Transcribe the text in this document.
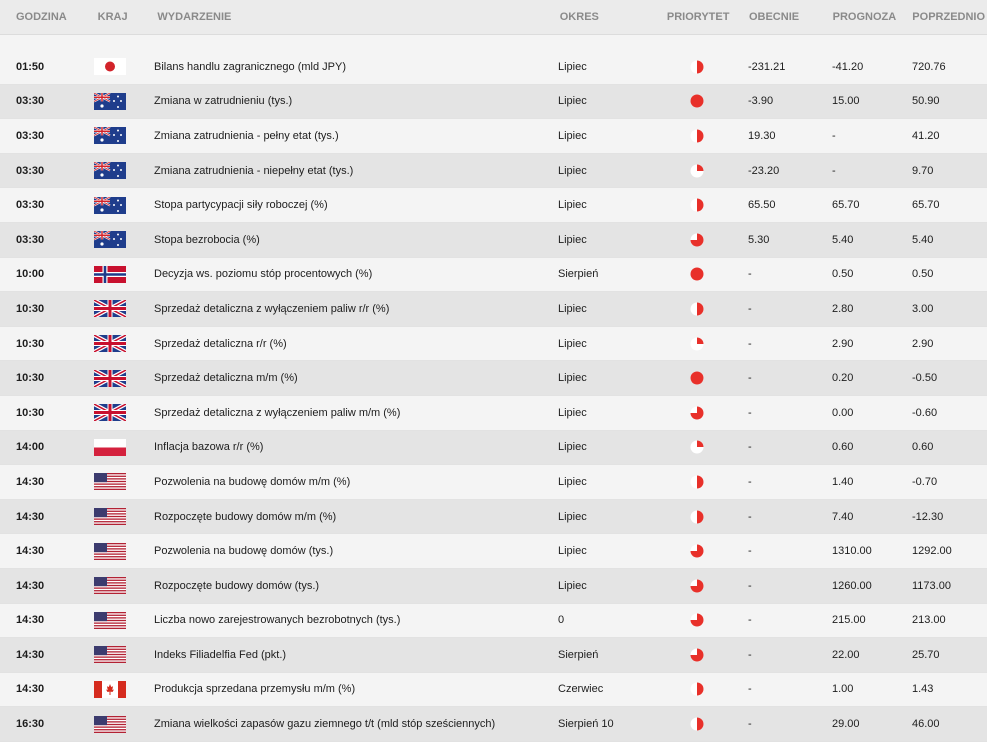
GODZINA	KRAJ	WYDARZENIE	OKRES	PRIORYTET	OBECNIE	PROGNOZA	POPRZEDNIO
01:50	Bilans handlu zagranicznego (mld JPY)	Lipiec	-231.21	-41.20	720.76
03:30	Zmiana w zatrudnieniu (tys.)	Lipiec	-3.90	15.00	50.90
03:30	Zmiana zatrudnienia - pełny etat (tys.)	Lipiec	19.30	-	41.20
03:30	Zmiana zatrudnienia - niepełny etat (tys.)	Lipiec	-23.20	-	9.70
03:30	Stopa partycypacji siły roboczej (%)	Lipiec	65.50	65.70	65.70
03:30	Stopa bezrobocia (%)	Lipiec	5.30	5.40	5.40
10:00	Decyzja ws. poziomu stóp procentowych (%)	Sierpień	-	0.50	0.50
10:30	Sprzedaż detaliczna z wyłączeniem paliw r/r (%)	Lipiec	-	2.80	3.00
10:30	Sprzedaż detaliczna r/r (%)	Lipiec	-	2.90	2.90
10:30	Sprzedaż detaliczna m/m (%)	Lipiec	-	0.20	-0.50
10:30	Sprzedaż detaliczna z wyłączeniem paliw m/m (%)	Lipiec	-	0.00	-0.60
14:00	Inflacja bazowa r/r (%)	Lipiec	-	0.60	0.60
14:30	Pozwolenia na budowę domów m/m (%)	Lipiec	-	1.40	-0.70
14:30	Rozpoczęte budowy domów m/m (%)	Lipiec	-	7.40	-12.30
14:30	Pozwolenia na budowę domów (tys.)	Lipiec	-	1310.00	1292.00
14:30	Rozpoczęte budowy domów (tys.)	Lipiec	-	1260.00	1173.00
14:30	Liczba nowo zarejestrowanych bezrobotnych (tys.)	0	-	215.00	213.00
14:30	Indeks Filiadelfia Fed (pkt.)	Sierpień	-	22.00	25.70
14:30	Produkcja sprzedana przemysłu m/m (%)	Czerwiec	-	1.00	1.43
16:30	Zmiana wielkości zapasów gazu ziemnego t/t (mld stóp sześciennych)	Sierpień 10	-	29.00	46.00
